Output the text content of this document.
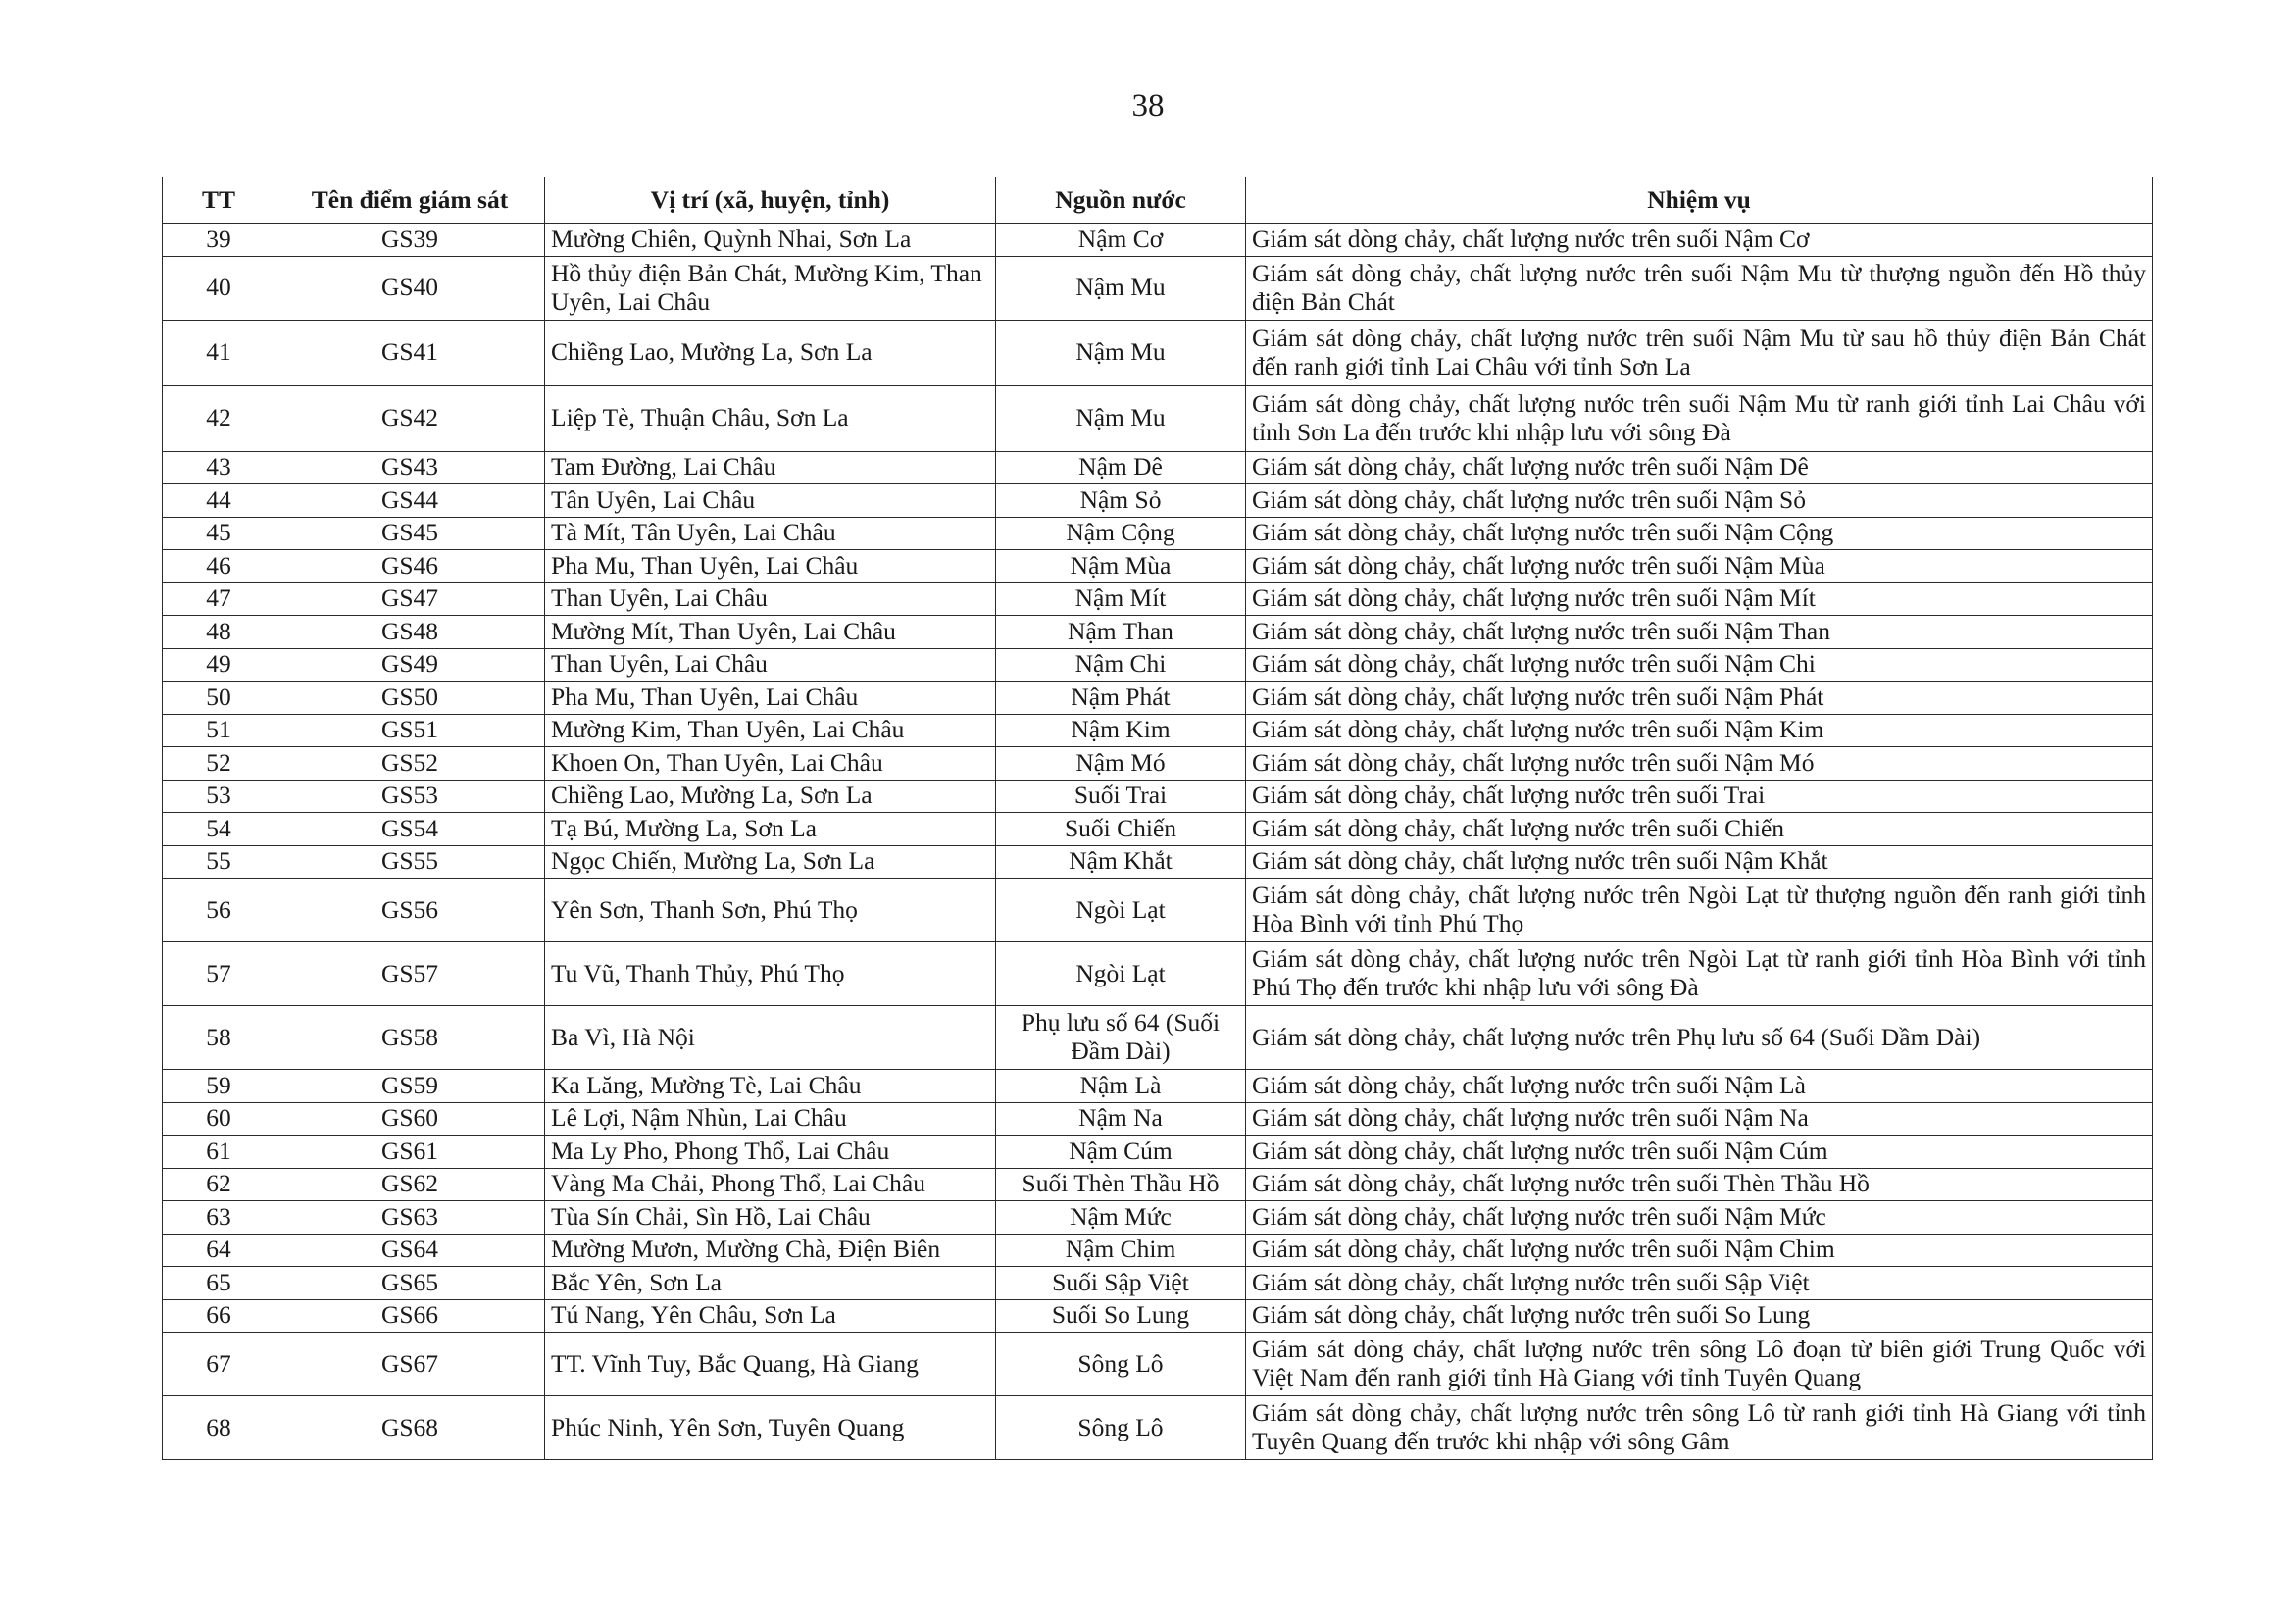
38
TT	Tên điểm giám sát	Vị trí (xã, huyện, tỉnh)	Nguồn nước	Nhiệm vụ
39	GS39	Mường Chiên, Quỳnh Nhai, Sơn La	Nậm Cơ	Giám sát dòng chảy, chất lượng nước trên suối Nậm Cơ
40	GS40	Hồ thủy điện Bản Chát, Mường Kim, Than Uyên, Lai Châu	Nậm Mu	Giám sát dòng chảy, chất lượng nước trên suối Nậm Mu từ thượng nguồn đến Hồ thủy điện Bản Chát
41	GS41	Chiềng Lao, Mường La, Sơn La	Nậm Mu	Giám sát dòng chảy, chất lượng nước trên suối Nậm Mu từ sau hồ thủy điện Bản Chát đến ranh giới tỉnh Lai Châu với tỉnh Sơn La
42	GS42	Liệp Tè, Thuận Châu, Sơn La	Nậm Mu	Giám sát dòng chảy, chất lượng nước trên suối Nậm Mu từ ranh giới tỉnh Lai Châu với tỉnh Sơn La đến trước khi nhập lưu với sông Đà
43	GS43	Tam Đường, Lai Châu	Nậm Dê	Giám sát dòng chảy, chất lượng nước trên suối Nậm Dê
44	GS44	Tân Uyên, Lai Châu	Nậm Sỏ	Giám sát dòng chảy, chất lượng nước trên suối Nậm Sỏ
45	GS45	Tà Mít, Tân Uyên, Lai Châu	Nậm Cộng	Giám sát dòng chảy, chất lượng nước trên suối Nậm Cộng
46	GS46	Pha Mu, Than Uyên, Lai Châu	Nậm Mùa	Giám sát dòng chảy, chất lượng nước trên suối Nậm Mùa
47	GS47	Than Uyên, Lai Châu	Nậm Mít	Giám sát dòng chảy, chất lượng nước trên suối Nậm Mít
48	GS48	Mường Mít, Than Uyên, Lai Châu	Nậm Than	Giám sát dòng chảy, chất lượng nước trên suối Nậm Than
49	GS49	Than Uyên, Lai Châu	Nậm Chi	Giám sát dòng chảy, chất lượng nước trên suối Nậm Chi
50	GS50	Pha Mu, Than Uyên, Lai Châu	Nậm Phát	Giám sát dòng chảy, chất lượng nước trên suối Nậm Phát
51	GS51	Mường Kim, Than Uyên, Lai Châu	Nậm Kim	Giám sát dòng chảy, chất lượng nước trên suối Nậm Kim
52	GS52	Khoen On, Than Uyên, Lai Châu	Nậm Mó	Giám sát dòng chảy, chất lượng nước trên suối Nậm Mó
53	GS53	Chiềng Lao, Mường La, Sơn La	Suối Trai	Giám sát dòng chảy, chất lượng nước trên suối Trai
54	GS54	Tạ Bú, Mường La, Sơn La	Suối Chiến	Giám sát dòng chảy, chất lượng nước trên suối Chiến
55	GS55	Ngọc Chiến, Mường La, Sơn La	Nậm Khắt	Giám sát dòng chảy, chất lượng nước trên suối Nậm Khắt
56	GS56	Yên Sơn, Thanh Sơn, Phú Thọ	Ngòi Lạt	Giám sát dòng chảy, chất lượng nước trên Ngòi Lạt từ thượng nguồn đến ranh giới tỉnh Hòa Bình với tỉnh Phú Thọ
57	GS57	Tu Vũ, Thanh Thủy, Phú Thọ	Ngòi Lạt	Giám sát dòng chảy, chất lượng nước trên Ngòi Lạt từ ranh giới tỉnh Hòa Bình với tỉnh Phú Thọ đến trước khi nhập lưu với sông Đà
58	GS58	Ba Vì, Hà Nội	Phụ lưu số 64 (Suối Đầm Dài)	Giám sát dòng chảy, chất lượng nước trên Phụ lưu số 64 (Suối Đầm Dài)
59	GS59	Ka Lăng, Mường Tè, Lai Châu	Nậm Là	Giám sát dòng chảy, chất lượng nước trên suối Nậm Là
60	GS60	Lê Lợi, Nậm Nhùn, Lai Châu	Nậm Na	Giám sát dòng chảy, chất lượng nước trên suối Nậm Na
61	GS61	Ma Ly Pho, Phong Thổ, Lai Châu	Nậm Cúm	Giám sát dòng chảy, chất lượng nước trên suối Nậm Cúm
62	GS62	Vàng Ma Chải, Phong Thổ, Lai Châu	Suối Thèn Thầu Hồ	Giám sát dòng chảy, chất lượng nước trên suối Thèn Thầu Hồ
63	GS63	Tùa Sín Chải, Sìn Hồ, Lai Châu	Nậm Mức	Giám sát dòng chảy, chất lượng nước trên suối Nậm Mức
64	GS64	Mường Mươn, Mường Chà, Điện Biên	Nậm Chim	Giám sát dòng chảy, chất lượng nước trên suối Nậm Chim
65	GS65	Bắc Yên, Sơn La	Suối Sập Việt	Giám sát dòng chảy, chất lượng nước trên suối Sập Việt
66	GS66	Tú Nang, Yên Châu, Sơn La	Suối So Lung	Giám sát dòng chảy, chất lượng nước trên suối So Lung
67	GS67	TT. Vĩnh Tuy, Bắc Quang, Hà Giang	Sông Lô	Giám sát dòng chảy, chất lượng nước trên sông Lô đoạn từ biên giới Trung Quốc với Việt Nam đến ranh giới tỉnh Hà Giang với tỉnh Tuyên Quang
68	GS68	Phúc Ninh, Yên Sơn, Tuyên Quang	Sông Lô	Giám sát dòng chảy, chất lượng nước trên sông Lô từ ranh giới tỉnh Hà Giang với tỉnh Tuyên Quang đến trước khi nhập với sông Gâm
